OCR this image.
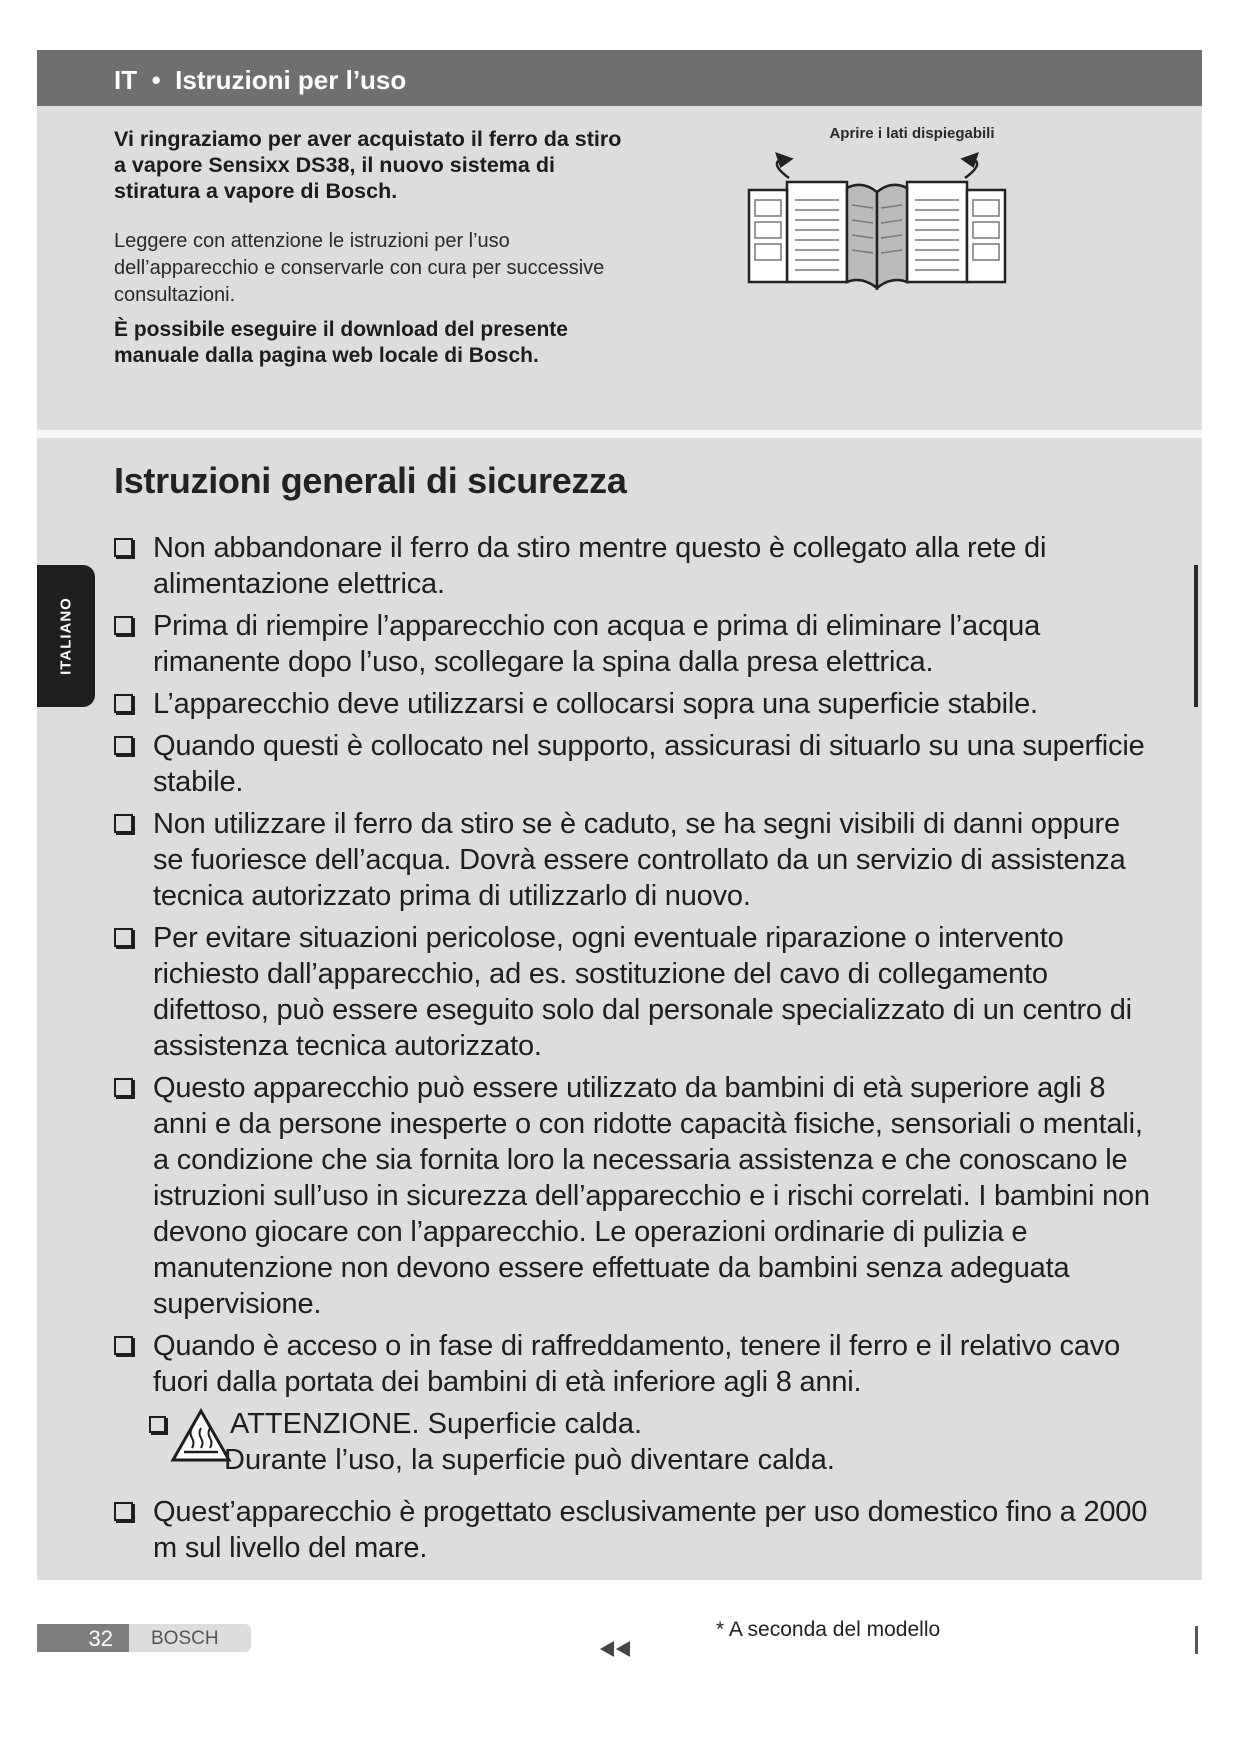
IT  •  Istruzioni per l’uso

Vi ringraziamo per aver acquistato il ferro da stiro a vapore Sensixx DS38, il nuovo sistema di stiratura a vapore di Bosch.

Leggere con attenzione le istruzioni per l’uso dell’apparecchio e conservarle con cura per successive consultazioni.

È possibile eseguire il download del presente manuale dalla pagina web locale di Bosch.

Aprire i lati dispiegabili
Istruzioni generali di sicurezza
Non abbandonare il ferro da stiro mentre questo è collegato alla rete di alimentazione elettrica.
Prima di riempire l’apparecchio con acqua e prima di eliminare l’acqua rimanente dopo l’uso, scollegare la spina dalla presa elettrica.
L’apparecchio deve utilizzarsi e collocarsi sopra una superficie stabile.
Quando questi è collocato nel supporto, assicurasi di situarlo su una superficie stabile.
Non utilizzare il ferro da stiro se è caduto, se ha segni visibili di danni oppure se fuoriesce dell’acqua. Dovrà essere controllato da un servizio di assistenza tecnica autorizzato prima di utilizzarlo di nuovo.
Per evitare situazioni pericolose, ogni eventuale riparazione o intervento richiesto dall’apparecchio, ad es. sostituzione del cavo di collegamento difettoso, può essere eseguito solo dal personale specializzato di un centro di assistenza tecnica autorizzato.
Questo apparecchio può essere utilizzato da bambini di età superiore agli 8 anni e da persone inesperte o con ridotte capacità fisiche, sensoriali o mentali, a condizione che sia fornita loro la necessaria assistenza e che conoscano le istruzioni sull’uso in sicurezza dell’apparecchio e i rischi correlati. I bambini non devono giocare con l’apparecchio. Le operazioni ordinarie di pulizia e manutenzione non devono essere effettuate da bambini senza adeguata supervisione.
Quando è acceso o in fase di raffreddamento, tenere il ferro e il relativo cavo fuori dalla portata dei bambini di età inferiore agli 8 anni.
ATTENZIONE. Superficie calda.
Durante l’uso, la superficie può diventare calda.
Quest’apparecchio è progettato esclusivamente per uso domestico fino a 2000 m sul livello del mare.
ITALIANO
32	BOSCH	* A seconda del modello
